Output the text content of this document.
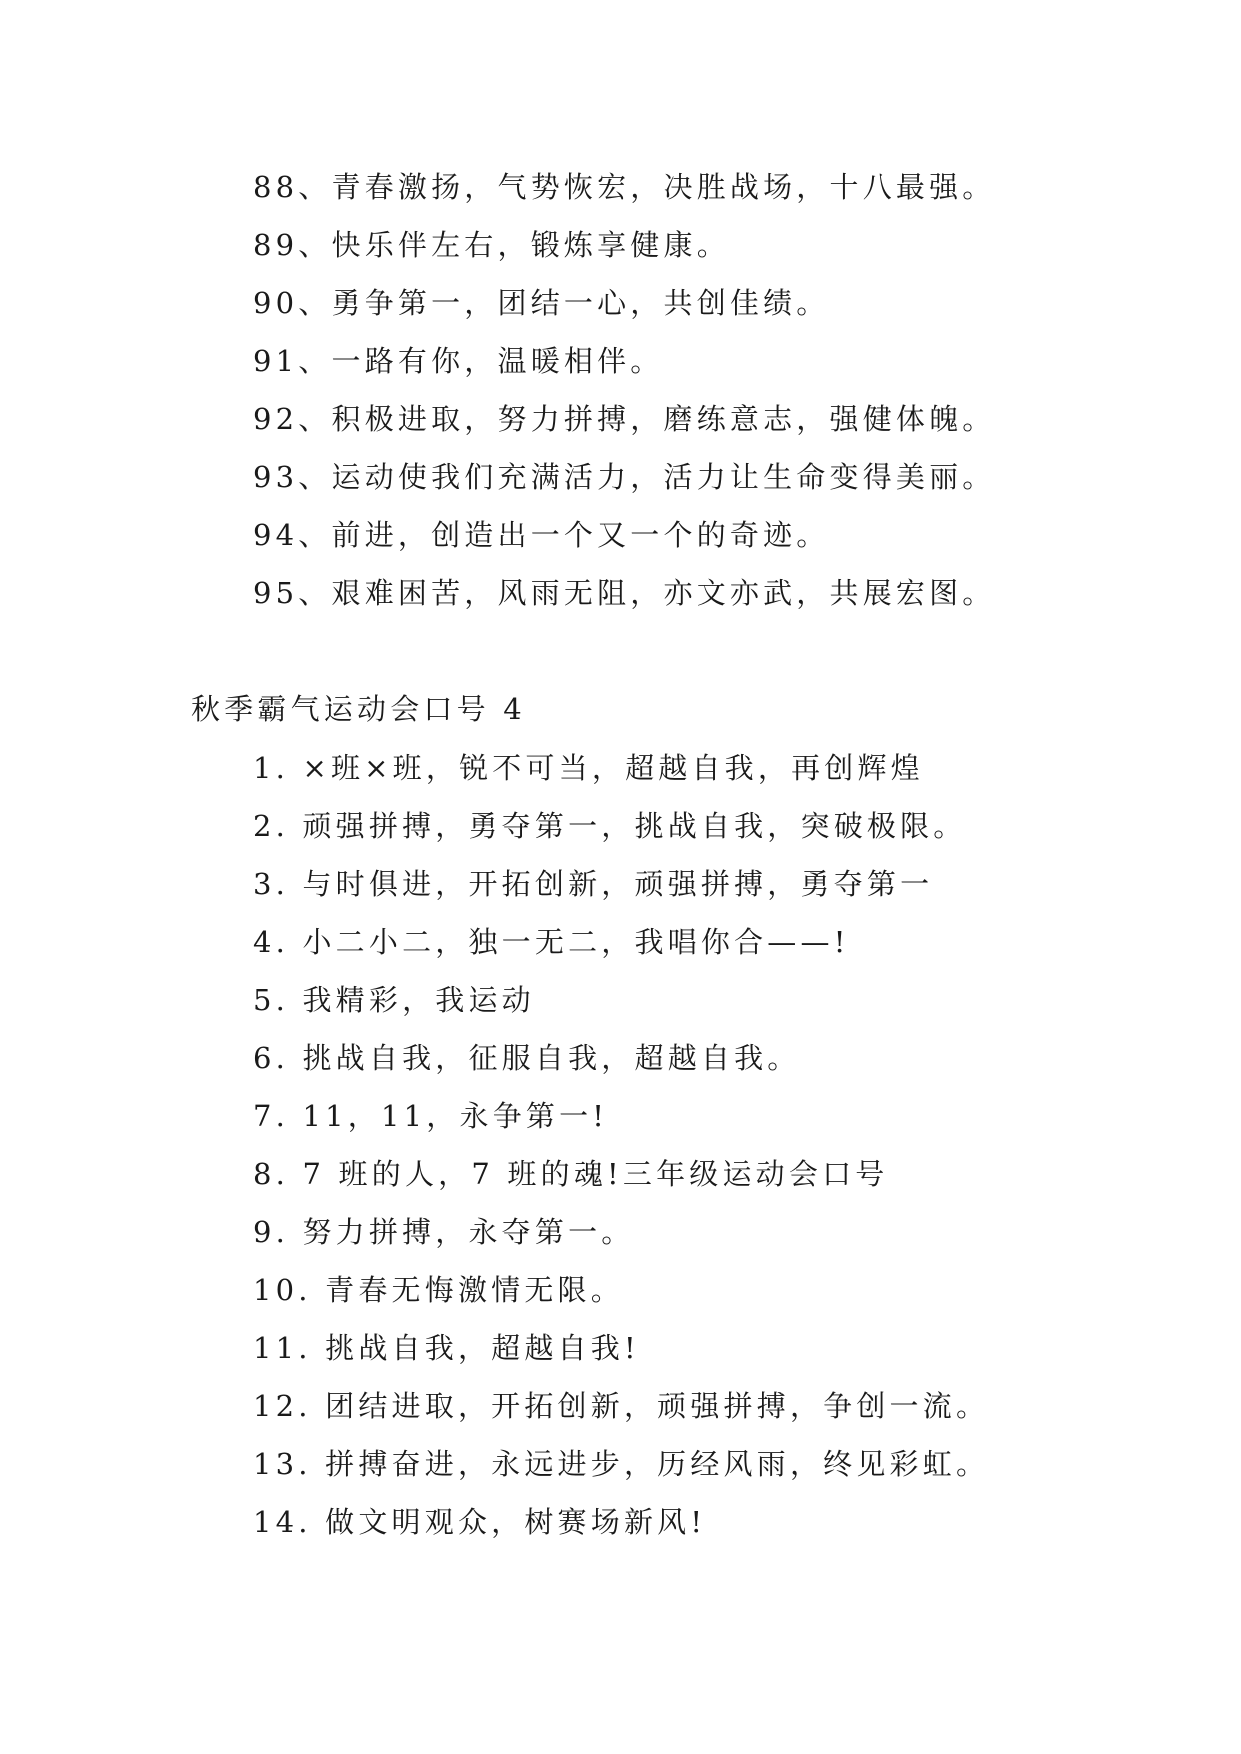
88、青春激扬，气势恢宏，决胜战场，十八最强。
89、快乐伴左右，锻炼享健康。
90、勇争第一，团结一心，共创佳绩。
91、一路有你，温暖相伴。
92、积极进取，努力拼搏，磨练意志，强健体魄。
93、运动使我们充满活力，活力让生命变得美丽。
94、前进，创造出一个又一个的奇迹。
95、艰难困苦，风雨无阻，亦文亦武，共展宏图。
秋季霸气运动会口号 4
1. ×班×班，锐不可当，超越自我，再创辉煌
2. 顽强拼搏，勇夺第一，挑战自我，突破极限。
3. 与时俱进，开拓创新，顽强拼搏，勇夺第一
4. 小二小二，独一无二，我唱你合——!
5. 我精彩，我运动
6. 挑战自我，征服自我，超越自我。
7. 11，11，永争第一!
8. 7 班的人，7 班的魂!三年级运动会口号
9. 努力拼搏，永夺第一。
10. 青春无悔激情无限。
11. 挑战自我，超越自我!
12. 团结进取，开拓创新，顽强拼搏，争创一流。
13. 拼搏奋进，永远进步，历经风雨，终见彩虹。
14. 做文明观众，树赛场新风!
